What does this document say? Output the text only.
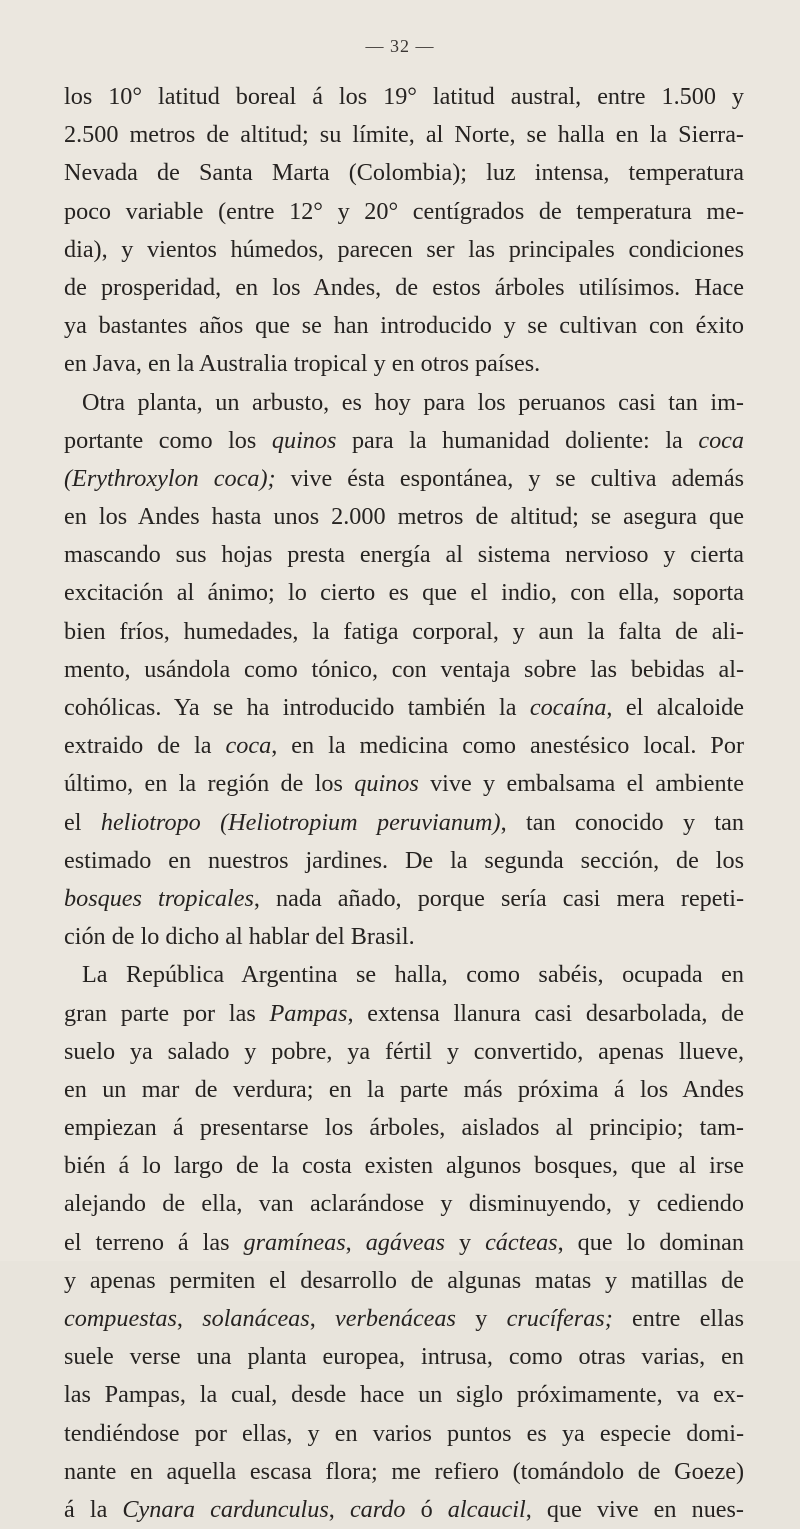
— 32 —
los 10° latitud boreal á los 19° latitud austral, entre 1.500 y
2.500 metros de altitud; su límite, al Norte, se halla en la Sierra-
Nevada de Santa Marta (Colombia); luz intensa, temperatura
poco variable (entre 12° y 20° centígrados de temperatura me-
dia), y vientos húmedos, parecen ser las principales condiciones
de prosperidad, en los Andes, de estos árboles utilísimos. Hace
ya bastantes años que se han introducido y se cultivan con éxito
en Java, en la Australia tropical y en otros países.
Otra planta, un arbusto, es hoy para los peruanos casi tan im-
portante como los quinos para la humanidad doliente: la coca
(Erythroxylon coca); vive ésta espontánea, y se cultiva además
en los Andes hasta unos 2.000 metros de altitud; se asegura que
mascando sus hojas presta energía al sistema nervioso y cierta
excitación al ánimo; lo cierto es que el indio, con ella, soporta
bien fríos, humedades, la fatiga corporal, y aun la falta de ali-
mento, usándola como tónico, con ventaja sobre las bebidas al-
cohólicas. Ya se ha introducido también la cocaína, el alcaloide
extraido de la coca, en la medicina como anestésico local. Por
último, en la región de los quinos vive y embalsama el ambiente
el heliotropo (Heliotropium peruvianum), tan conocido y tan
estimado en nuestros jardines. De la segunda sección, de los
bosques tropicales, nada añado, porque sería casi mera repeti-
ción de lo dicho al hablar del Brasil.
La República Argentina se halla, como sabéis, ocupada en
gran parte por las Pampas, extensa llanura casi desarbolada, de
suelo ya salado y pobre, ya fértil y convertido, apenas llueve,
en un mar de verdura; en la parte más próxima á los Andes
empiezan á presentarse los árboles, aislados al principio; tam-
bién á lo largo de la costa existen algunos bosques, que al irse
alejando de ella, van aclarándose y disminuyendo, y cediendo
el terreno á las gramíneas, agáveas y cácteas, que lo dominan
y apenas permiten el desarrollo de algunas matas y matillas de
compuestas, solanáceas, verbenáceas y crucíferas; entre ellas
suele verse una planta europea, intrusa, como otras varias, en
las Pampas, la cual, desde hace un siglo próximamente, va ex-
tendiéndose por ellas, y en varios puntos es ya especie domi-
nante en aquella escasa flora; me refiero (tomándolo de Goeze)
á la Cynara cardunculus, cardo ó alcaucil, que vive en nues-
